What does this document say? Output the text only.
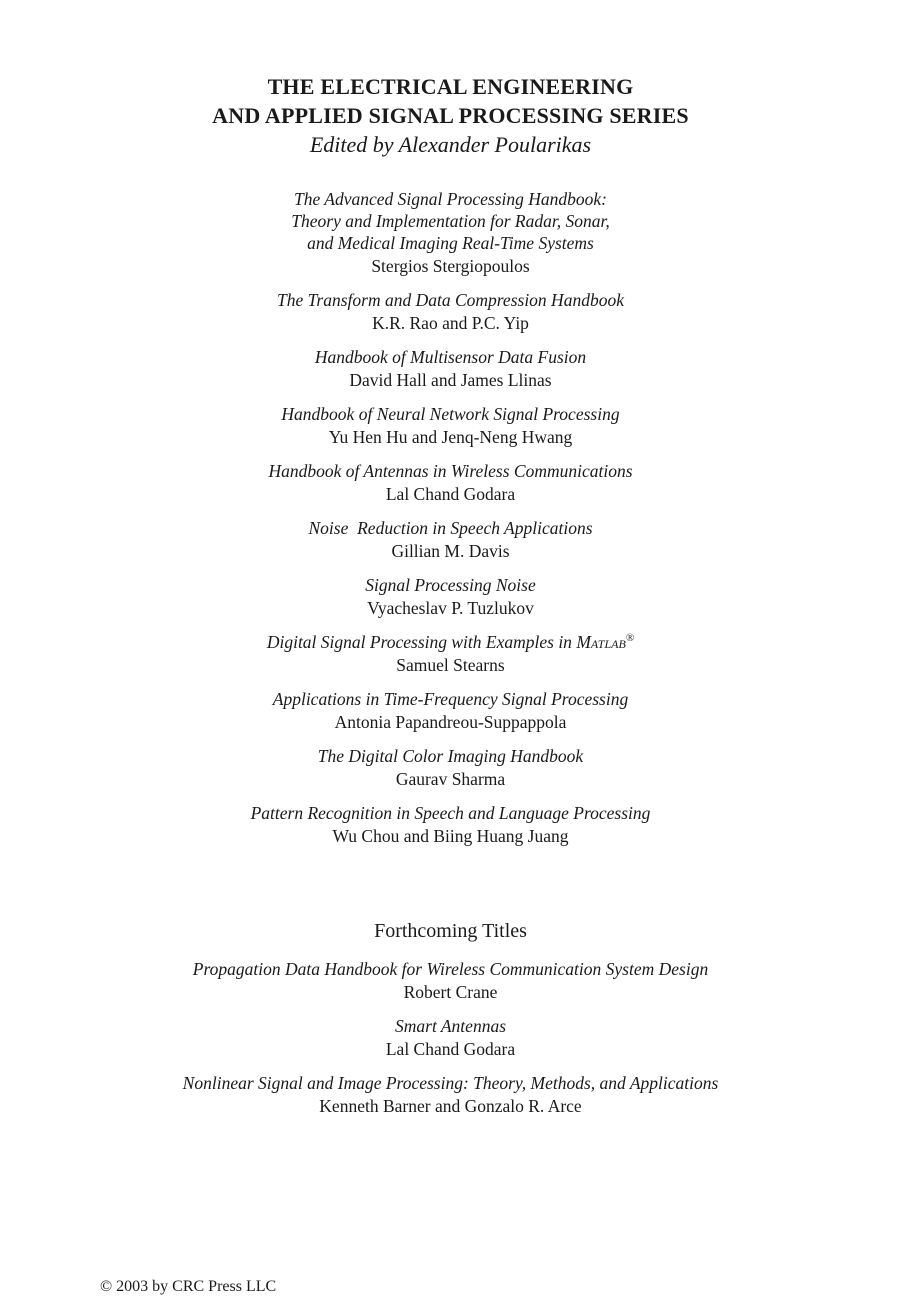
THE ELECTRICAL ENGINEERING

AND APPLIED SIGNAL PROCESSING SERIES

Edited by Alexander Poularikas

The Advanced Signal Processing Handbook:
Theory and Implementation for Radar, Sonar,
and Medical Imaging Real-Time Systems
Stergios Stergiopoulos
The Transform and Data Compression Handbook
K.R. Rao and P.C. Yip
Handbook of Multisensor Data Fusion
David Hall and James Llinas
Handbook of Neural Network Signal Processing
Yu Hen Hu and Jenq-Neng Hwang
Handbook of Antennas in Wireless Communications
Lal Chand Godara
Noise  Reduction in Speech Applications
Gillian M. Davis
Signal Processing Noise
Vyacheslav P. Tuzlukov
Digital Signal Processing with Examples in Matlab®
Samuel Stearns
Applications in Time-Frequency Signal Processing
Antonia Papandreou-Suppappola
The Digital Color Imaging Handbook
Gaurav Sharma
Pattern Recognition in Speech and Language Processing
Wu Chou and Biing Huang Juang

Forthcoming Titles

Propagation Data Handbook for Wireless Communication System Design
Robert Crane
Smart Antennas
Lal Chand Godara
Nonlinear Signal and Image Processing: Theory, Methods, and Applications
Kenneth Barner and Gonzalo R. Arce
© 2003 by CRC Press LLC
